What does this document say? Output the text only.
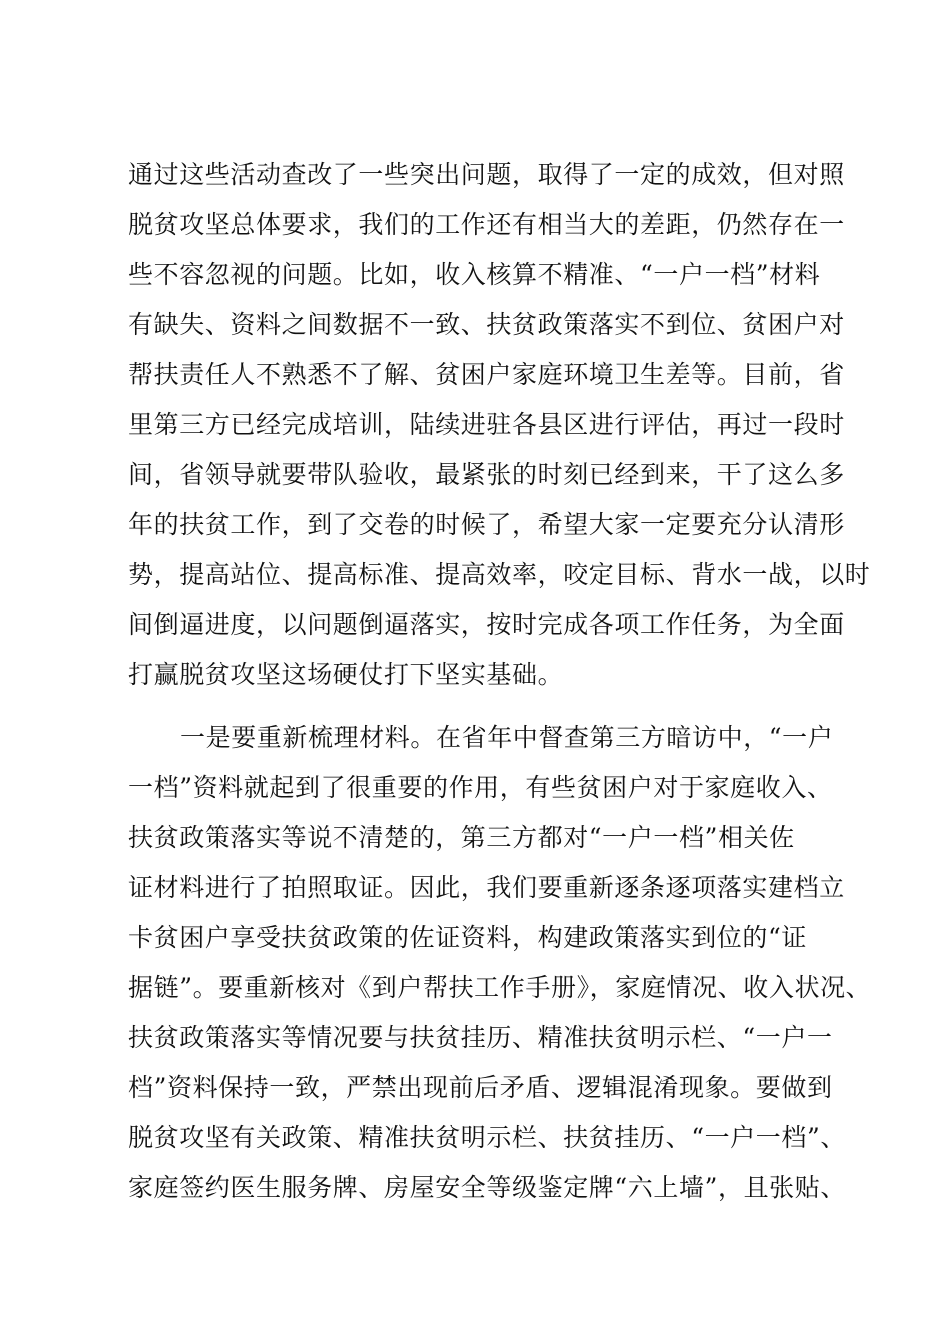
通过这些活动查改了一些突出问题，取得了一定的成效，但对照
脱贫攻坚总体要求，我们的工作还有相当大的差距，仍然存在一
些不容忽视的问题。比如，收入核算不精准、“一户一档”材料
有缺失、资料之间数据不一致、扶贫政策落实不到位、贫困户对
帮扶责任人不熟悉不了解、贫困户家庭环境卫生差等。目前，省
里第三方已经完成培训，陆续进驻各县区进行评估，再过一段时
间，省领导就要带队验收，最紧张的时刻已经到来，干了这么多
年的扶贫工作，到了交卷的时候了，希望大家一定要充分认清形
势，提高站位、提高标准、提高效率，咬定目标、背水一战，以时
间倒逼进度，以问题倒逼落实，按时完成各项工作任务，为全面
打赢脱贫攻坚这场硬仗打下坚实基础。
一是要重新梳理材料。在省年中督查第三方暗访中，“一户
一档”资料就起到了很重要的作用，有些贫困户对于家庭收入、
扶贫政策落实等说不清楚的，第三方都对“一户一档”相关佐
证材料进行了拍照取证。因此，我们要重新逐条逐项落实建档立
卡贫困户享受扶贫政策的佐证资料，构建政策落实到位的“证
据链”。要重新核对《到户帮扶工作手册》，家庭情况、收入状况、
扶贫政策落实等情况要与扶贫挂历、精准扶贫明示栏、“一户一
档”资料保持一致，严禁出现前后矛盾、逻辑混淆现象。要做到
脱贫攻坚有关政策、精准扶贫明示栏、扶贫挂历、“一户一档”、
家庭签约医生服务牌、房屋安全等级鉴定牌“六上墙”，且张贴、
